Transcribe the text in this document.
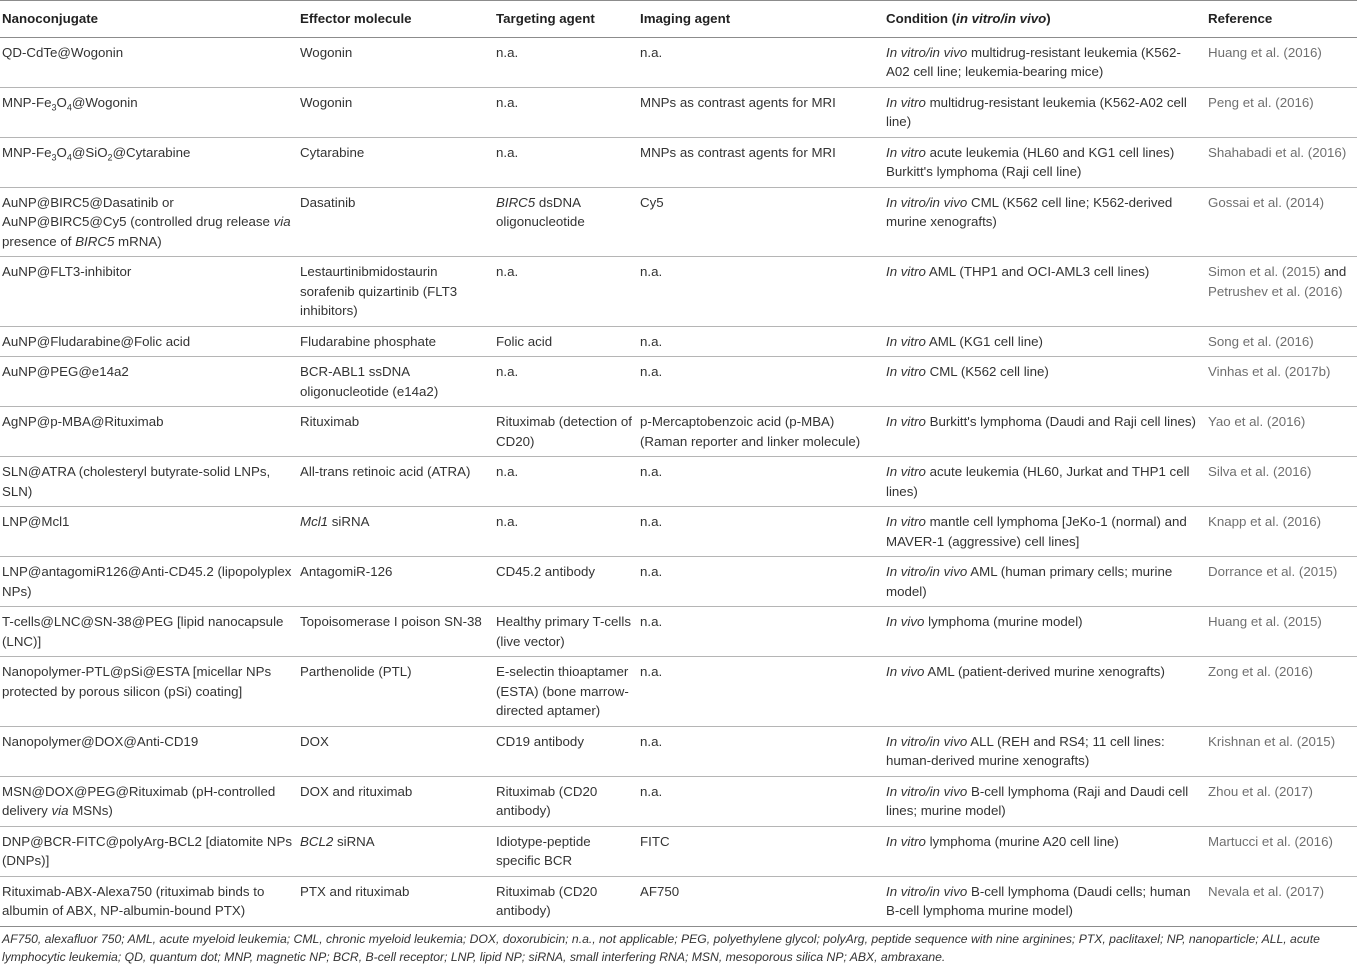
Nanoconjugate	Effector molecule	Targeting agent	Imaging agent	Condition (in vitro/in vivo)	Reference
QD-CdTe@Wogonin	Wogonin	n.a.	n.a.	In vitro/in vivo multidrug-resistant leukemia (K562-A02 cell line; leukemia-bearing mice)	Huang et al. (2016)
MNP-$Fe_3O_4@Wogonin$	Wogonin	n.a.	MNPs as contrast agents for MRI	In vitro multidrug-resistant leukemia (K562-A02 cell line)	Peng et al. (2016)
MNP-$Fe_3O_4@SiO_2@Cytarabine$	Cytarabine	n.a.	MNPs as contrast agents for MRI	In vitro acute leukemia (HL60 and KG1 cell lines) Burkitt's lymphoma (Raji cell line)	Shahabadi et al. (2016)
AuNP@BIRC5@Dasatinib or AuNP@BIRC5@Cy5 (controlled drug release via presence of BIRC5 mRNA)	Dasatinib	BIRC5 dsDNA oligonucleotide	Cy5	In vitro/in vivo CML (K562 cell line; K562-derived murine xenografts)	Gossai et al. (2014)
AuNP@FLT3-inhibitor	Lestaurtinibmidostaurin sorafenib quizartinib (FLT3 inhibitors)	n.a.	n.a.	In vitro AML (THP1 and OCI-AML3 cell lines)	Simon et al. (2015) and Petrushev et al. (2016)
AuNP@Fludarabine@Folic acid	Fludarabine phosphate	Folic acid	n.a.	In vitro AML (KG1 cell line)	Song et al. (2016)
AuNP@PEG@e14a2	BCR-ABL1 ssDNA oligonucleotide (e14a2)	n.a.	n.a.	In vitro CML (K562 cell line)	Vinhas et al. (2017b)
AgNP@p-MBA@Rituximab	Rituximab	Rituximab (detection of CD20)	p-Mercaptobenzoic acid (p-MBA) (Raman reporter and linker molecule)	In vitro Burkitt's lymphoma (Daudi and Raji cell lines)	Yao et al. (2016)
SLN@ATRA (cholesteryl butyrate-solid LNPs, SLN)	All-trans retinoic acid (ATRA)	n.a.	n.a.	In vitro acute leukemia (HL60, Jurkat and THP1 cell lines)	Silva et al. (2016)
LNP@Mcl1	Mcl1 siRNA	n.a.	n.a.	In vitro mantle cell lymphoma [JeKo-1 (normal) and MAVER-1 (aggressive) cell lines]	Knapp et al. (2016)
LNP@antagomiR126@Anti-CD45.2 (lipopolyplex NPs)	AntagomiR-126	CD45.2 antibody	n.a.	In vitro/in vivo AML (human primary cells; murine model)	Dorrance et al. (2015)
T-cells@LNC@SN-38@PEG [lipid nanocapsule (LNC)]	Topoisomerase I poison SN-38	Healthy primary T-cells (live vector)	n.a.	In vivo lymphoma (murine model)	Huang et al. (2015)
Nanopolymer-PTL@pSi@ESTA [micellar NPs protected by porous silicon (pSi) coating]	Parthenolide (PTL)	E-selectin thioaptamer (ESTA) (bone marrow-directed aptamer)	n.a.	In vivo AML (patient-derived murine xenografts)	Zong et al. (2016)
Nanopolymer@DOX@Anti-CD19	DOX	CD19 antibody	n.a.	In vitro/in vivo ALL (REH and RS4; 11 cell lines: human-derived murine xenografts)	Krishnan et al. (2015)
MSN@DOX@PEG@Rituximab (pH-controlled delivery via MSNs)	DOX and rituximab	Rituximab (CD20 antibody)	n.a.	In vitro/in vivo B-cell lymphoma (Raji and Daudi cell lines; murine model)	Zhou et al. (2017)
DNP@BCR-FITC@polyArg-BCL2 [diatomite NPs (DNPs)]	BCL2 siRNA	Idiotype-peptide specific BCR	FITC	In vitro lymphoma (murine A20 cell line)	Martucci et al. (2016)
Rituximab-ABX-Alexa750 (rituximab binds to albumin of ABX, NP-albumin-bound PTX)	PTX and rituximab	Rituximab (CD20 antibody)	AF750	In vitro/in vivo B-cell lymphoma (Daudi cells; human B-cell lymphoma murine model)	Nevala et al. (2017)
AF750, alexafluor 750; AML, acute myeloid leukemia; CML, chronic myeloid leukemia; DOX, doxorubicin; n.a., not applicable; PEG, polyethylene glycol; polyArg, peptide sequence with nine arginines; PTX, paclitaxel; NP, nanoparticle; ALL, acute lymphocytic leukemia; QD, quantum dot; MNP, magnetic NP; BCR, B-cell receptor; LNP, lipid NP; siRNA, small interfering RNA; MSN, mesoporous silica NP; ABX, ambraxane.
